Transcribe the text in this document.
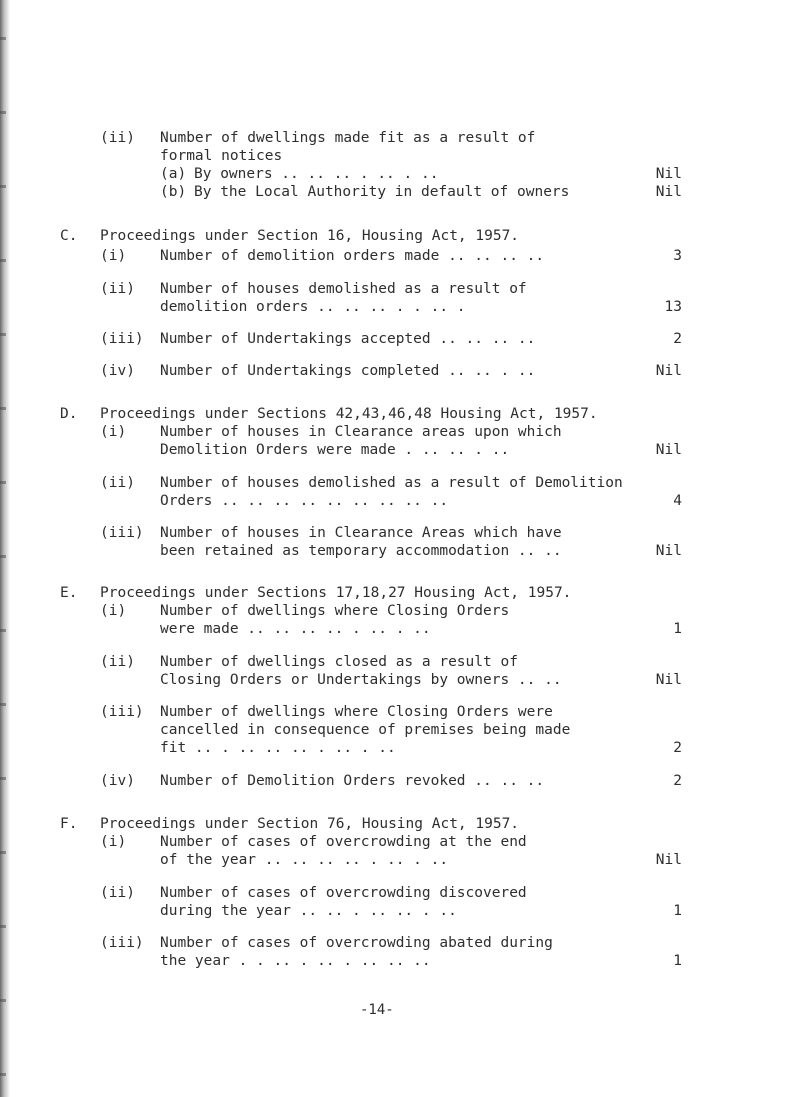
(ii) Number of dwellings made fit as a result of
formal notices
(a) By owners .. .. .. . .. . ..	Nil
(b) By the Local Authority in default of owners	Nil
C. Proceedings under Section 16, Housing Act, 1957.
(i) Number of demolition orders made .. .. .. ..	3
(ii) Number of houses demolished as a result of
demolition orders .. .. .. . . .. .	13
(iii) Number of Undertakings accepted .. .. .. ..	2
(iv) Number of Undertakings completed .. .. . ..	Nil
D. Proceedings under Sections 42,43,46,48 Housing Act, 1957.
(i) Number of houses in Clearance areas upon which
Demolition Orders were made . .. .. . ..	Nil
(ii) Number of houses demolished as a result of Demolition
Orders .. .. .. .. .. .. .. .. ..	4
(iii) Number of houses in Clearance Areas which have
been retained as temporary accommodation .. ..	Nil
E. Proceedings under Sections 17,18,27 Housing Act, 1957.
(i) Number of dwellings where Closing Orders
were made .. .. .. .. . .. . ..	1
(ii) Number of dwellings closed as a result of
Closing Orders or Undertakings by owners .. ..	Nil
(iii) Number of dwellings where Closing Orders were
cancelled in consequence of premises being made
fit .. . .. .. .. . .. . ..	2
(iv) Number of Demolition Orders revoked .. .. ..	2
F. Proceedings under Section 76, Housing Act, 1957.
(i) Number of cases of overcrowding at the end
of the year .. .. .. .. . .. . ..	Nil
(ii) Number of cases of overcrowding discovered
during the year .. .. . .. .. . ..	1
(iii) Number of cases of overcrowding abated during
the year . . .. . .. . .. .. ..	1
-14-
